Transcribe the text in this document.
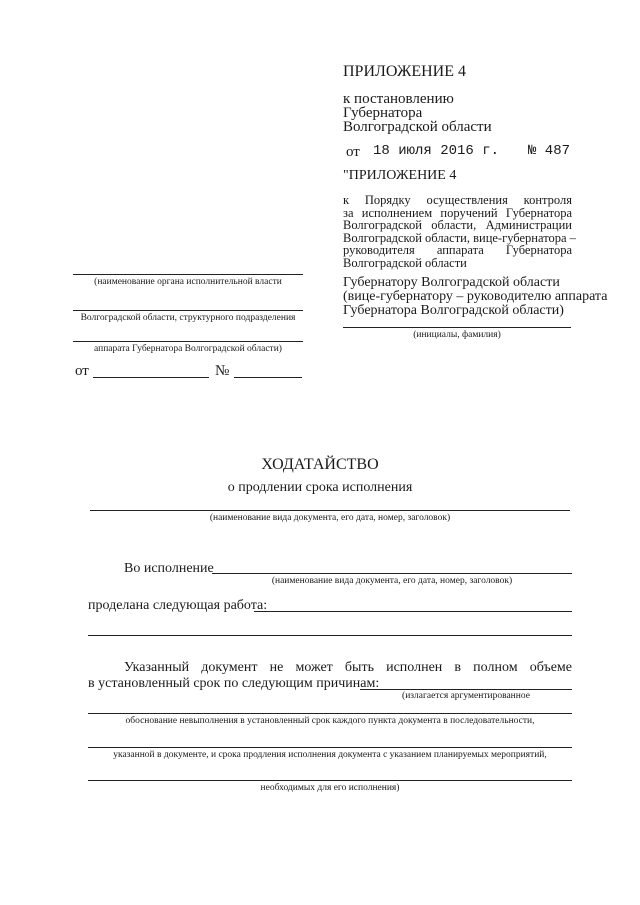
ПРИЛОЖЕНИЕ 4
к постановлению
Губернатора
Волгоградской области
от 18 июля 2016 г. № 487
"ПРИЛОЖЕНИЕ 4
к Порядку осуществления контроля
за исполнением поручений Губернатора
Волгоградской области, Администрации
Волгоградской области, вице-губернатора –
руководителя аппарата Губернатора
Волгоградской области
(наименование органа исполнительной власти
Волгоградской области, структурного подразделения
аппарата Губернатора Волгоградской области)
от	№
Губернатору Волгоградской области
(вице-губернатору – руководителю аппарата
Губернатора Волгоградской области)
(инициалы, фамилия)
ХОДАТАЙСТВО
о продлении срока исполнения
(наименование вида документа, его дата, номер, заголовок)
Во исполнение
(наименование вида документа, его дата, номер, заголовок)
проделана следующая работа:
Указанный документ не может быть исполнен в полном объеме
в установленный срок по следующим причинам:
(излагается аргументированное
обоснование невыполнения в установленный срок каждого пункта документа в последовательности,
указанной в документе, и срока продления исполнения документа с указанием планируемых мероприятий,
необходимых для его исполнения)
